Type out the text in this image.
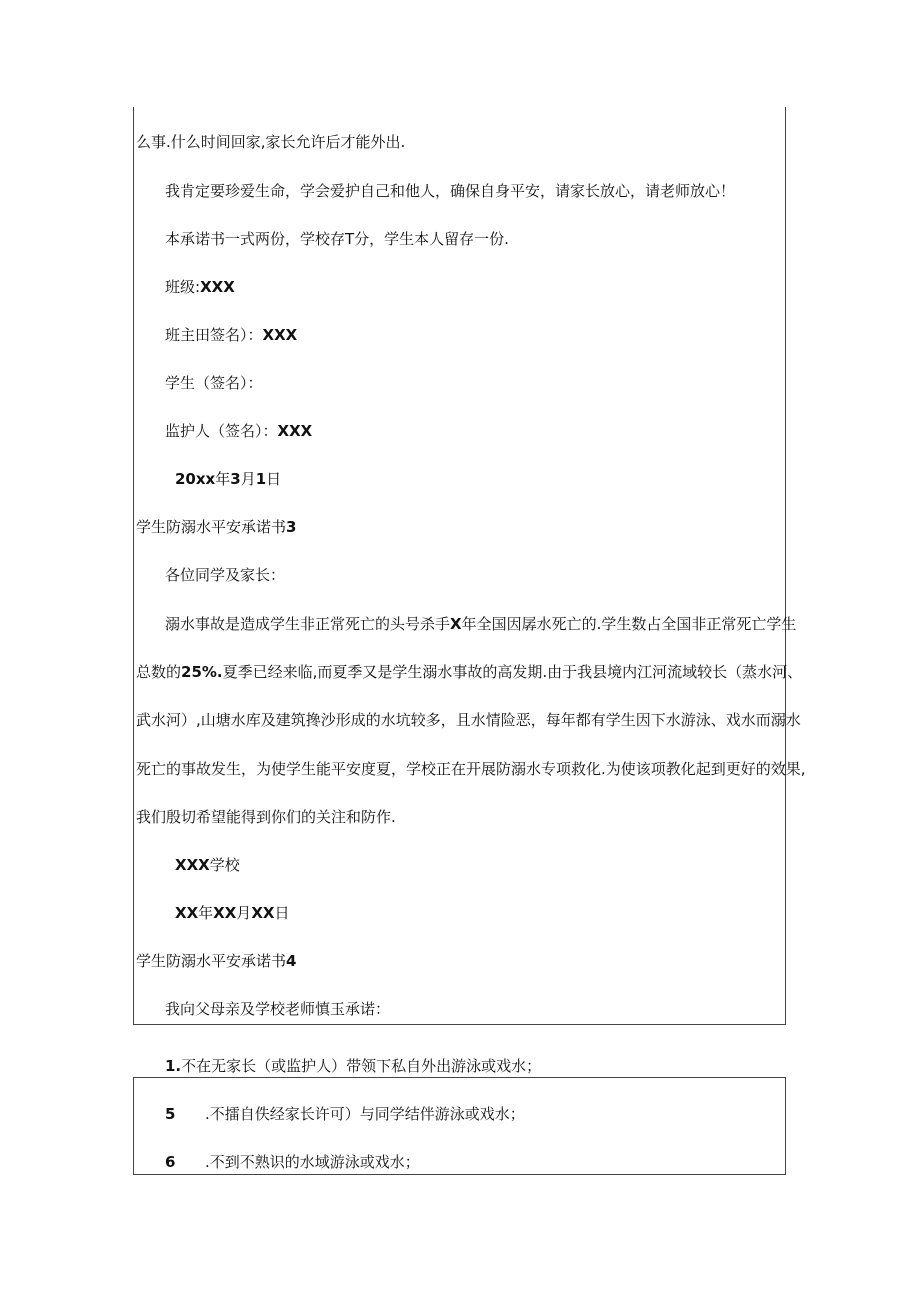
么事.什么时间回家,家长允许后才能外出.
我肯定要珍爱生命，学会爱护自己和他人，确保自身平安，请家长放心，请老师放心！
本承诺书一式两份，学校存T分，学生本人留存一份.
班级:XXX
班主田签名）：XXX
学生（签名）：
监护人（签名）：XXX
20xx年3月1日
学生防溺水平安承诺书3
各位同学及家长：
溺水事故是造成学生非正常死亡的头号杀手X年全国因孱水死亡的.学生数占全国非正常死亡学生
总数的25%.夏季已经来临,而夏季又是学生溺水事故的高发期.由于我县境内江河流域较长（蒸水河、
武水河）,山塘水库及建筑搀沙形成的水坑较多，且水情险恶，每年都有学生因下水游泳、戏水而溺水
死亡的事故发生，为使学生能平安度夏，学校正在开展防溺水专项救化.为使该项教化起到更好的效果,
我们殷切希望能得到你们的关注和防作.
XXX学校
XX年XX月XX日
学生防溺水平安承诺书4
我向父母亲及学校老师慎玉承诺：
1.不在无家长（或监护人）带领下私自外出游泳或戏水；
5 .不擂自佚经家长许可）与同学结伴游泳或戏水；
6 .不到不熟识的水域游泳或戏水；
